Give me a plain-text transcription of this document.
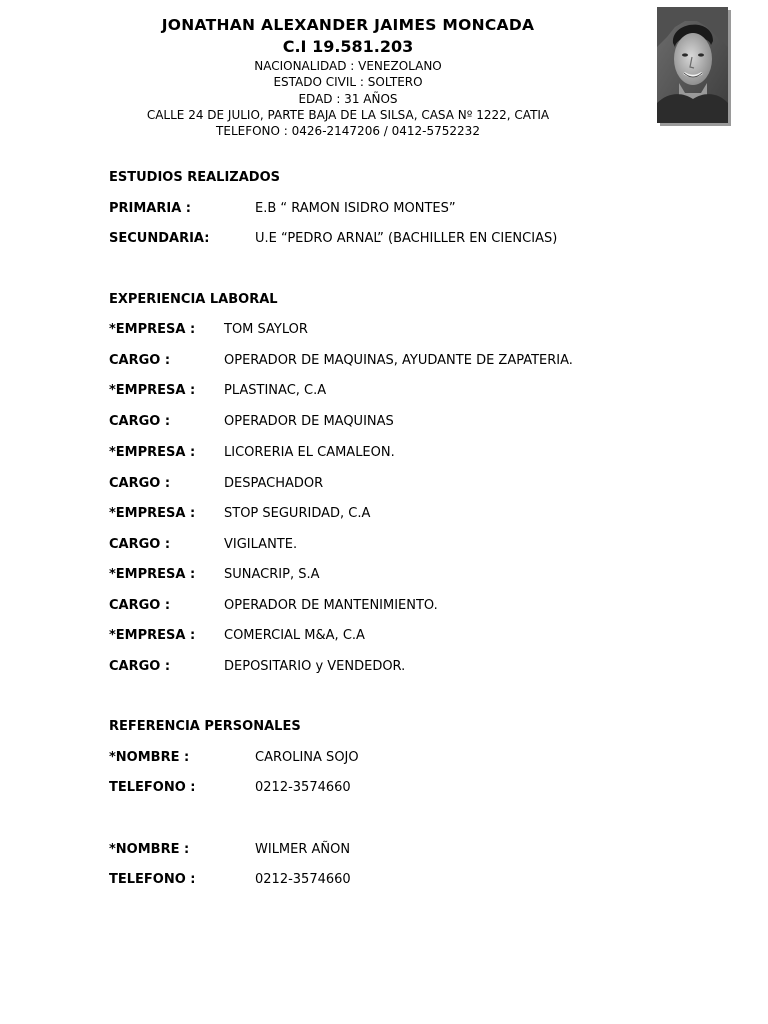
JONATHAN ALEXANDER JAIMES MONCADA
C.I 19.581.203
NACIONALIDAD : VENEZOLANO
ESTADO CIVIL : SOLTERO
EDAD : 31 AÑOS
CALLE 24 DE JULIO, PARTE BAJA DE LA SILSA, CASA Nº 1222, CATIA
TELEFONO : 0426-2147206 / 0412-5752232
ESTUDIOS REALIZADOS
PRIMARIA :	E.B “ RAMON ISIDRO MONTES”
SECUNDARIA:	U.E “PEDRO ARNAL” (BACHILLER EN CIENCIAS)
EXPERIENCIA LABORAL
*EMPRESA : TOM SAYLOR
CARGO :	OPERADOR DE MAQUINAS, AYUDANTE DE ZAPATERIA.
*EMPRESA : PLASTINAC, C.A
CARGO :	OPERADOR DE MAQUINAS
*EMPRESA : LICORERIA EL CAMALEON.
CARGO :	DESPACHADOR
*EMPRESA : STOP SEGURIDAD, C.A
CARGO :	VIGILANTE.
*EMPRESA : SUNACRIP, S.A
CARGO :	OPERADOR DE MANTENIMIENTO.
*EMPRESA : COMERCIAL M&A, C.A
CARGO :	DEPOSITARIO y VENDEDOR.
REFERENCIA PERSONALES
*NOMBRE :	CAROLINA SOJO
TELEFONO :	0212-3574660
*NOMBRE :	WILMER AÑON
TELEFONO :	0212-3574660
